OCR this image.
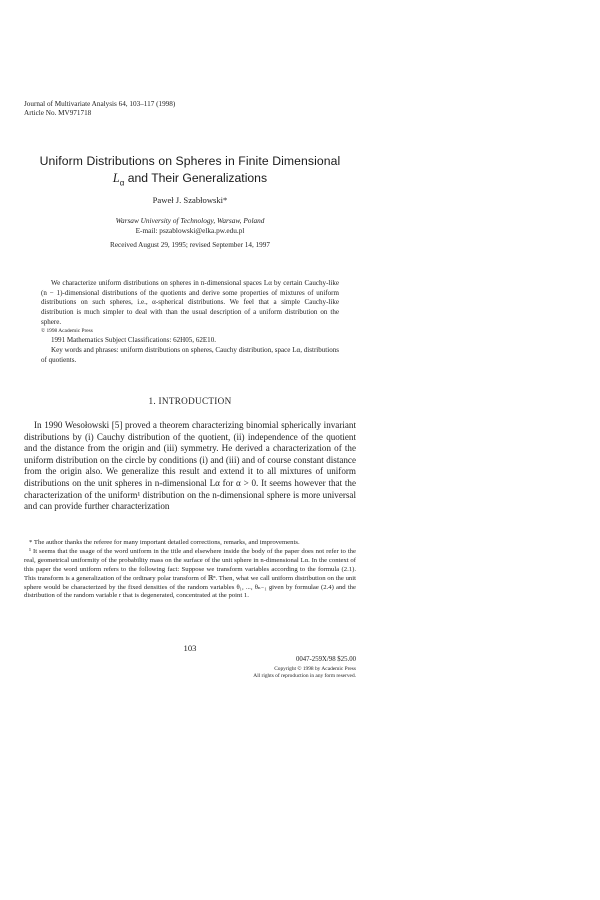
Journal of Multivariate Analysis 64, 103–117 (1998)
Article No. MV971718
Uniform Distributions on Spheres in Finite Dimensional
$L_\alpha$ and Their Generalizations
Paweł J. Szabłowski*
Warsaw University of Technology, Warsaw, Poland
E-mail: pszablowski@elka.pw.edu.pl
Received August 29, 1995; revised September 14, 1997

We characterize uniform distributions on spheres in n-dimensional spaces Lα by certain Cauchy-like (n − 1)-dimensional distributions of the quotients and derive some properties of mixtures of uniform distributions on such spheres, i.e., α-spherical distributions. We feel that a simple Cauchy-like distribution is much simpler to deal with than the usual description of a uniform distribution on the sphere.

© 1998 Academic Press

1991 Mathematics Subject Classifications: 62H05, 62E10.

Key words and phrases: uniform distributions on spheres, Cauchy distribution, space Lα, distributions of quotients.

1. INTRODUCTION

In 1990 Wesołowski [5] proved a theorem characterizing binomial spherically invariant distributions by (i) Cauchy distribution of the quotient, (ii) independence of the quotient and the distance from the origin and (iii) symmetry. He derived a characterization of the uniform distribution on the circle by conditions (i) and (iii) and of course constant distance from the origin also. We generalize this result and extend it to all mixtures of uniform distributions on the unit spheres in n-dimensional Lα for α > 0. It seems however that the characterization of the uniform¹ distribution on the n-dimensional sphere is more universal and can provide further characterization

* The author thanks the referee for many important detailed corrections, remarks, and improvements.

¹ It seems that the usage of the word uniform in the title and elsewhere inside the body of the paper does not refer to the real, geometrical uniformity of the probability mass on the surface of the unit sphere in n-dimensional Lα. In the context of this paper the word uniform refers to the following fact: Suppose we transform variables according to the formula (2.1). This transform is a generalization of the ordinary polar transform of ℝⁿ. Then, what we call uniform distribution on the unit sphere would be characterized by the fixed densities of the random variables θ₁, ..., θₙ₋₁ given by formulae (2.4) and the distribution of the random variable r that is degenerated, concentrated at the point 1.

103
0047-259X/98 $25.00
Copyright © 1998 by Academic Press
All rights of reproduction in any form reserved.
